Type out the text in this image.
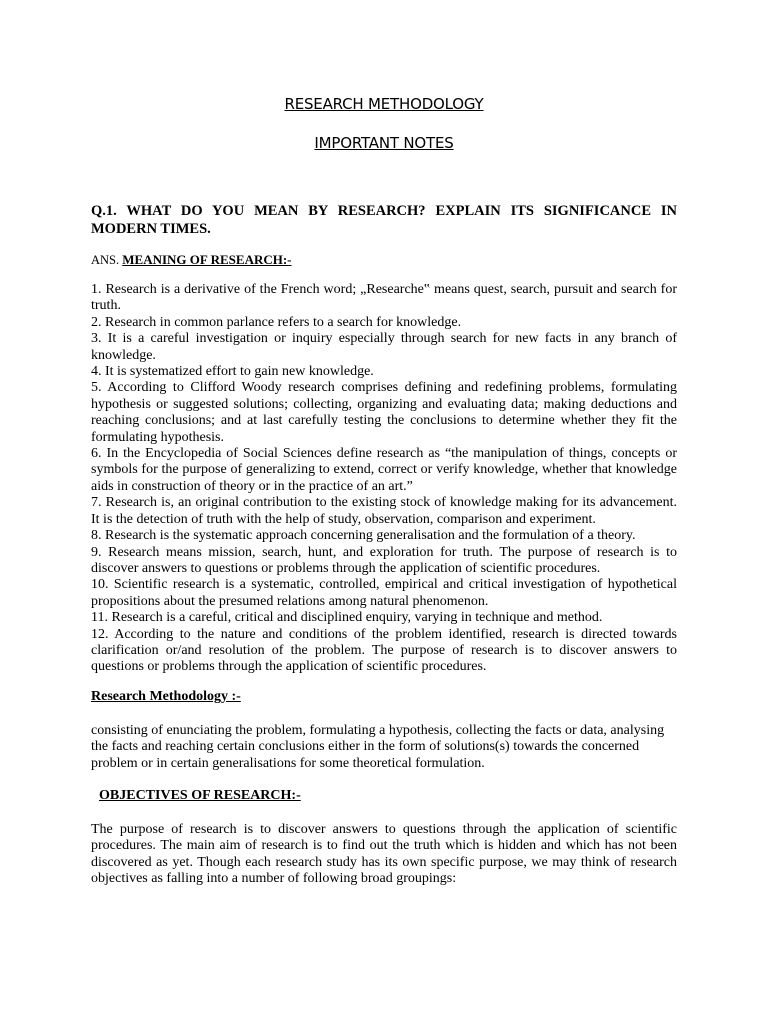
RESEARCH METHODOLOGY
IMPORTANT NOTES
Q.1. WHAT DO YOU MEAN BY RESEARCH? EXPLAIN ITS SIGNIFICANCE IN MODERN TIMES.
ANS. MEANING OF RESEARCH:-

1. Research is a derivative of the French word; „Researche‟ means quest, search, pursuit and search for truth.

2. Research in common parlance refers to a search for knowledge.

3. It is a careful investigation or inquiry especially through search for new facts in any branch of knowledge.

4. It is systematized effort to gain new knowledge.

5. According to Clifford Woody research comprises defining and redefining problems, formulating hypothesis or suggested solutions; collecting, organizing and evaluating data; making deductions and reaching conclusions; and at last carefully testing the conclusions to determine whether they fit the formulating hypothesis.

6. In the Encyclopedia of Social Sciences define research as “the manipulation of things, concepts or symbols for the purpose of generalizing to extend, correct or verify knowledge, whether that knowledge aids in construction of theory or in the practice of an art.”

7. Research is, an original contribution to the existing stock of knowledge making for its advancement. It is the detection of truth with the help of study, observation, comparison and experiment.

8. Research is the systematic approach concerning generalisation and the formulation of a theory.

9. Research means mission, search, hunt, and exploration for truth. The purpose of research is to discover answers to questions or problems through the application of scientific procedures.

10. Scientific research is a systematic, controlled, empirical and critical investigation of hypothetical propositions about the presumed relations among natural phenomenon.

11. Research is a careful, critical and disciplined enquiry, varying in technique and method.

12. According to the nature and conditions of the problem identified, research is directed towards clarification or/and resolution of the problem. The purpose of research is to discover answers to questions or problems through the application of scientific procedures.

Research Methodology :-
consisting of enunciating the problem, formulating a hypothesis, collecting the facts or data, analysing the facts and reaching certain conclusions either in the form of solutions(s) towards the concerned problem or in certain generalisations for some theoretical formulation.
OBJECTIVES OF RESEARCH:-
The purpose of research is to discover answers to questions through the application of scientific procedures. The main aim of research is to find out the truth which is hidden and which has not been discovered as yet. Though each research study has its own specific purpose, we may think of research objectives as falling into a number of following broad groupings:
